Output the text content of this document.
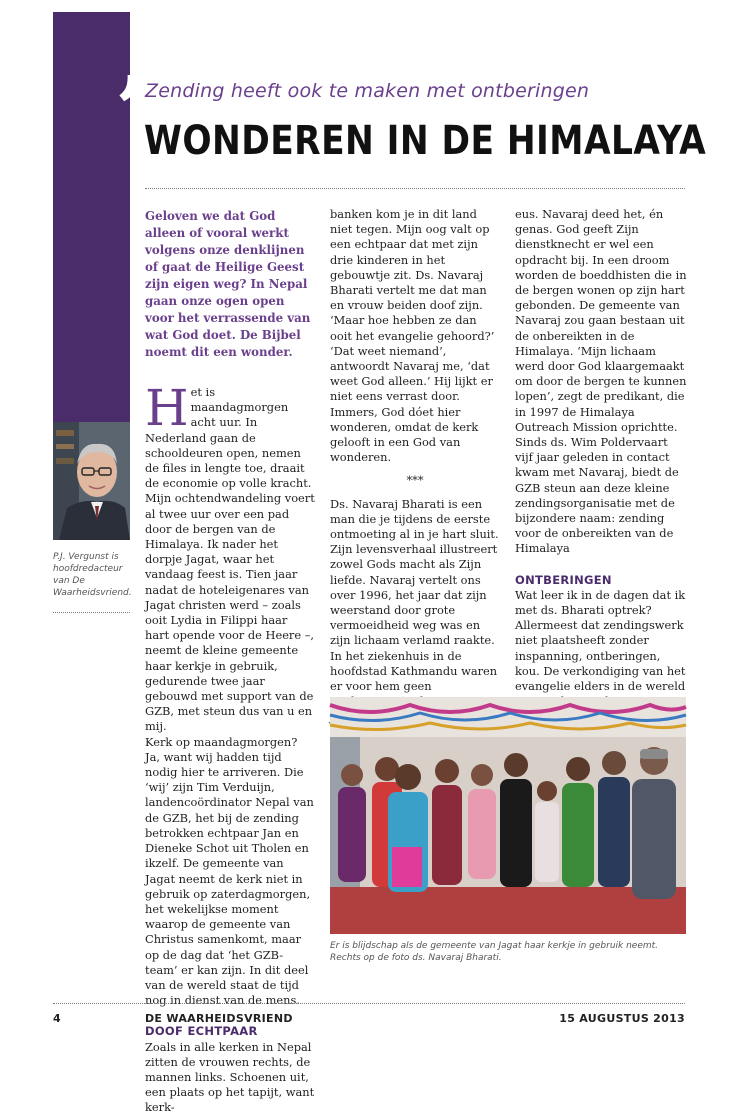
”
Zending heeft ook te maken met ontberingen
WONDEREN IN DE HIMALAYA
Geloven we dat God alleen of vooral werkt volgens onze denklijnen of gaat de Heilige Geest zijn eigen weg? In Nepal gaan onze ogen open voor het verrassende van wat God doet. De Bijbel noemt dit een wonder.
P.J. Vergunst is hoofdredacteur van De Waarheidsvriend.

Het is maandagmorgen acht uur. In Nederland gaan de schooldeuren open, nemen de files in lengte toe, draait de economie op volle kracht. Mijn ochtendwandeling voert al twee uur over een pad door de bergen van de Himalaya. Ik nader het dorpje Jagat, waar het vandaag feest is. Tien jaar nadat de hoteleigenares van Jagat christen werd – zoals ooit Lydia in Filippi haar hart opende voor de Heere –, neemt de kleine gemeente haar kerkje in gebruik, gedurende twee jaar gebouwd met support van de GZB, met steun dus van u en mij.

Kerk op maandagmorgen? Ja, want wij hadden tijd nodig hier te arriveren. Die ‘wij’ zijn Tim Verduijn, landencoördinator Nepal van de GZB, het bij de zending betrokken echtpaar Jan en Dieneke Schot uit Tholen en ikzelf. De gemeente van Jagat neemt de kerk niet in gebruik op zaterdagmorgen, het wekelijkse moment waarop de gemeente van Christus samenkomt, maar op de dag dat ‘het GZB-team’ er kan zijn. In dit deel van de wereld staat de tijd nog in dienst van de mens.

DOOF ECHTPAAR

Zoals in alle kerken in Nepal zitten de vrouwen rechts, de mannen links. Schoenen uit, een plaats op het tapijt, want kerk-

banken kom je in dit land niet tegen. Mijn oog valt op een echtpaar dat met zijn drie kinderen in het gebouwtje zit. Ds. Navaraj Bharati vertelt me dat man en vrouw beiden doof zijn. ‘Maar hoe hebben ze dan ooit het evangelie gehoord?’ ‘Dat weet niemand’, antwoordt Navaraj me, ‘dat weet God alleen.’ Hij lijkt er niet eens verrast door. Immers, God dóet hier wonderen, omdat de kerk gelooft in een God van wonderen.

***

Ds. Navaraj Bharati is een man die je tijdens de eerste ontmoeting al in je hart sluit. Zijn levensverhaal illustreert zowel Gods macht als Zijn liefde. Navaraj vertelt ons over 1996, het jaar dat zijn weerstand door grote vermoeidheid weg was en zijn lichaam verlamd raakte. In het ziekenhuis in de hoofdstad Kathmandu waren er voor hem geen

eus. Navaraj deed het, én genas. God geeft Zijn dienstknecht er wel een opdracht bij. In een droom worden de boeddhisten die in de bergen wonen op zijn hart gebonden. De gemeente van Navaraj zou gaan bestaan uit de onbereikten in de Himalaya. ‘Mijn lichaam werd door God klaargemaakt om door de bergen te kunnen lopen’, zegt de predikant, die in 1997 de Himalaya Outreach Mission oprichtte. Sinds ds. Wim Poldervaart vijf jaar geleden in contact kwam met Navaraj, biedt de GZB steun aan deze kleine zendingsorganisatie met de bijzondere naam: zending voor de onbereikten van de Himalaya

ONTBERINGEN

Wat leer ik in de dagen dat ik met ds. Bharati optrek? Allermeest dat zendingswerk niet plaatsheeft zonder inspanning, ontberingen, kou. De verkondiging van het evangelie elders in de wereld

Er is blijdschap als de gemeente van Jagat haar kerkje in gebruik neemt. Rechts op de foto ds. Navaraj Bharati.
4	DE WAARHEIDSVRIEND	15 AUGUSTUS 2013
